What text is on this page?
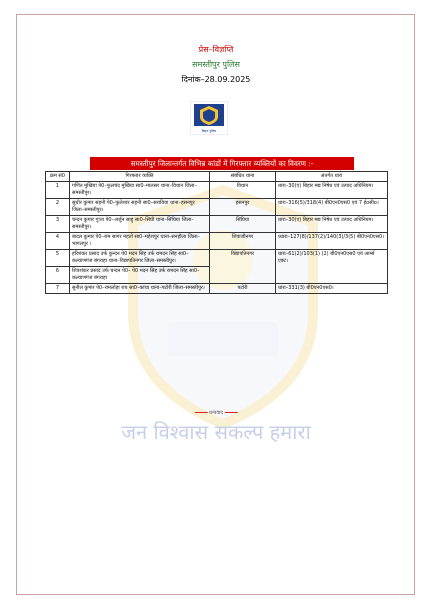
प्रेस–विज्ञप्ति
समस्तीपुर पुलिस
दिनांक–28.09.2025
बिहार पुलिस
समस्तीपुर जिलान्तर्गत विभिन्न कांडों में गिरफ्तार व्यक्तियों का विवरण :-
क्रम सं0	गिरफ्तार व्यक्ति	संबंधित थाना	अंतर्गत धारा
1	गणित मुखिया पे0–फुलचंद मुखिया सा0–मालसर थाना–विथान जिला–समस्तीपुर।	विथान	धारा–30(ए) बिहार मद्य निषेध एवं उत्पाद अधिनियम।
2	सुधीर कुमार सहनी पे0–फुलेश्वर सहनी सा0–सरायिया थाना–हसनपुर जिला–समस्तीपुर।	हसनपुर	धारा–316(5)/318(4) बी0एन0एस0 एवं 7 ईoसीo।
3	चन्दन कुमार गुप्ता पे0–अर्जुन साहु सा0–सिंघी थाना–सिंघिया जिला–समस्तीपुर।	सिंघिया	धारा–30(ए) बिहार मद्य निषेध एवं उत्पाद अधिनियम।
4	बादल कुमार पे0–राम सागर महतो सा0–महेशपुर थाना–सनहौला जिला–भागलपुर ।	शिवाजीनगर	ध्धारा–127(8)/137(2)/140(3)/3(5) बी0एन0एस0।
5	हरिशंकर प्रसाद उर्फ कुन्दन पे0 मदन सिंह उर्फ रामदन सिंह सा0–कल्याणगंज बंगराहा थाना–विद्यापतिनगर जिला–समस्तीपुर।	विद्यापतिनगर	धारा–61(2)/103(1) (2) बी0एन0एस0 एवं आर्म्स एक्ट।
6	शिवशंकर प्रसाद उर्फ चन्दन पे0– पे0 मदन सिंह उर्फ रामदन सिंह सा0–कल्याणगंज बंगराहा		
7	सुनील कुमार पे0–रामलोहा राय सा0–कांचा थाना–पटोरी जिला–समस्तीपुर।	पटोरी	धारा–331(3) बी0एन0एस0।
━━━━━ धन्यवाद ━━━━━
जन विश्वास सकल्प हमारा
